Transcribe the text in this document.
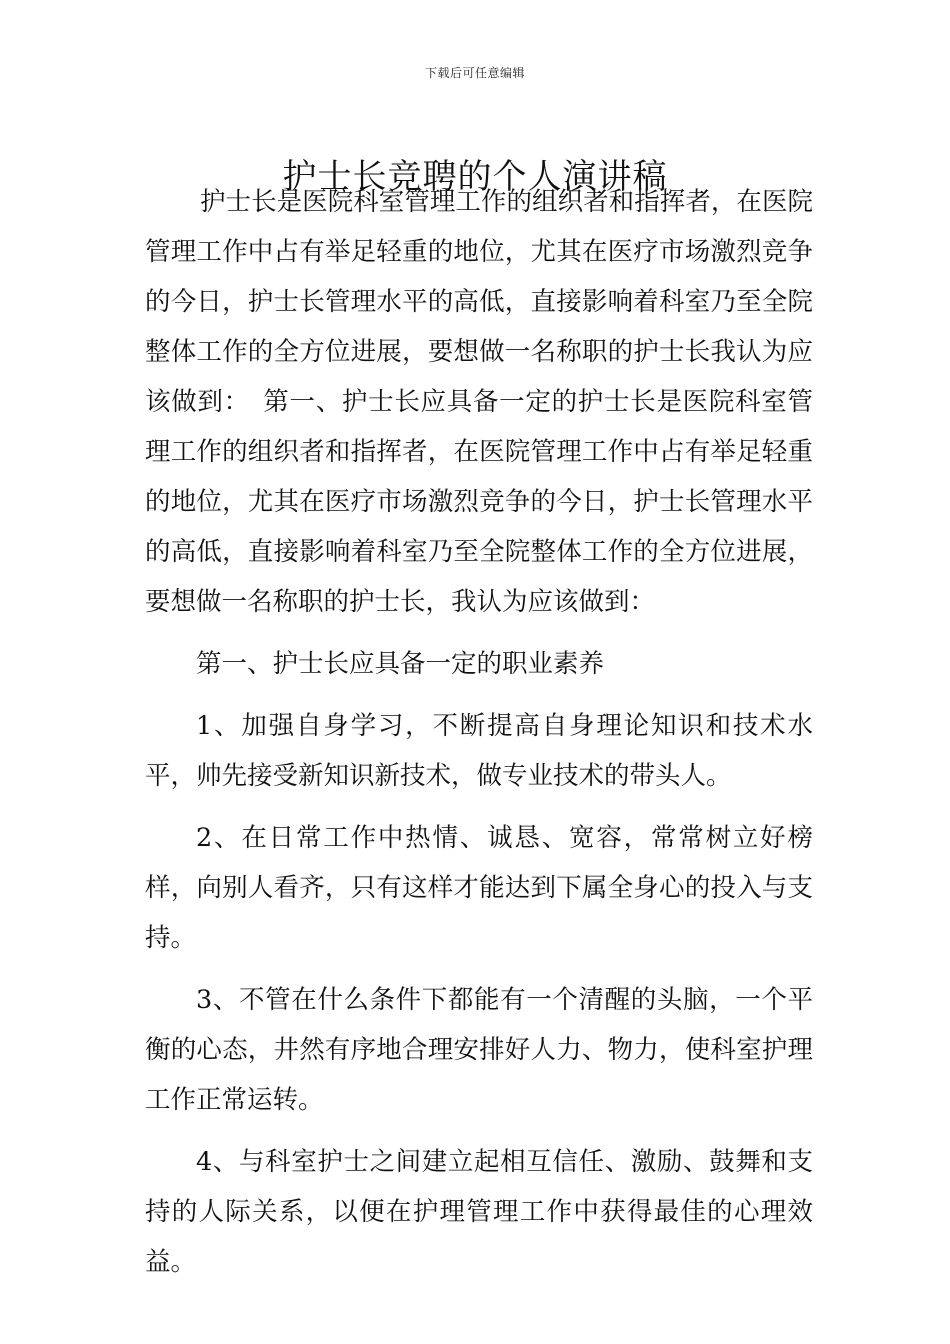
下载后可任意编辑
护士长竞聘的个人演讲稿

护士长是医院科室管理工作的组织者和指挥者，在医院管理工作中占有举足轻重的地位，尤其在医疗市场激烈竞争的今日，护士长管理水平的高低，直接影响着科室乃至全院整体工作的全方位进展，要想做一名称职的护士长我认为应该做到：　第一、护士长应具备一定的护士长是医院科室管理工作的组织者和指挥者，在医院管理工作中占有举足轻重的地位，尤其在医疗市场激烈竞争的今日，护士长管理水平的高低，直接影响着科室乃至全院整体工作的全方位进展，要想做一名称职的护士长，我认为应该做到：

第一、护士长应具备一定的职业素养

1、加强自身学习，不断提高自身理论知识和技术水平，帅先接受新知识新技术，做专业技术的带头人。

2、在日常工作中热情、诚恳、宽容，常常树立好榜样，向别人看齐，只有这样才能达到下属全身心的投入与支持。

3、不管在什么条件下都能有一个清醒的头脑，一个平衡的心态，井然有序地合理安排好人力、物力，使科室护理工作正常运转。

4、与科室护士之间建立起相互信任、激励、鼓舞和支持的人际关系，以便在护理管理工作中获得最佳的心理效益。
